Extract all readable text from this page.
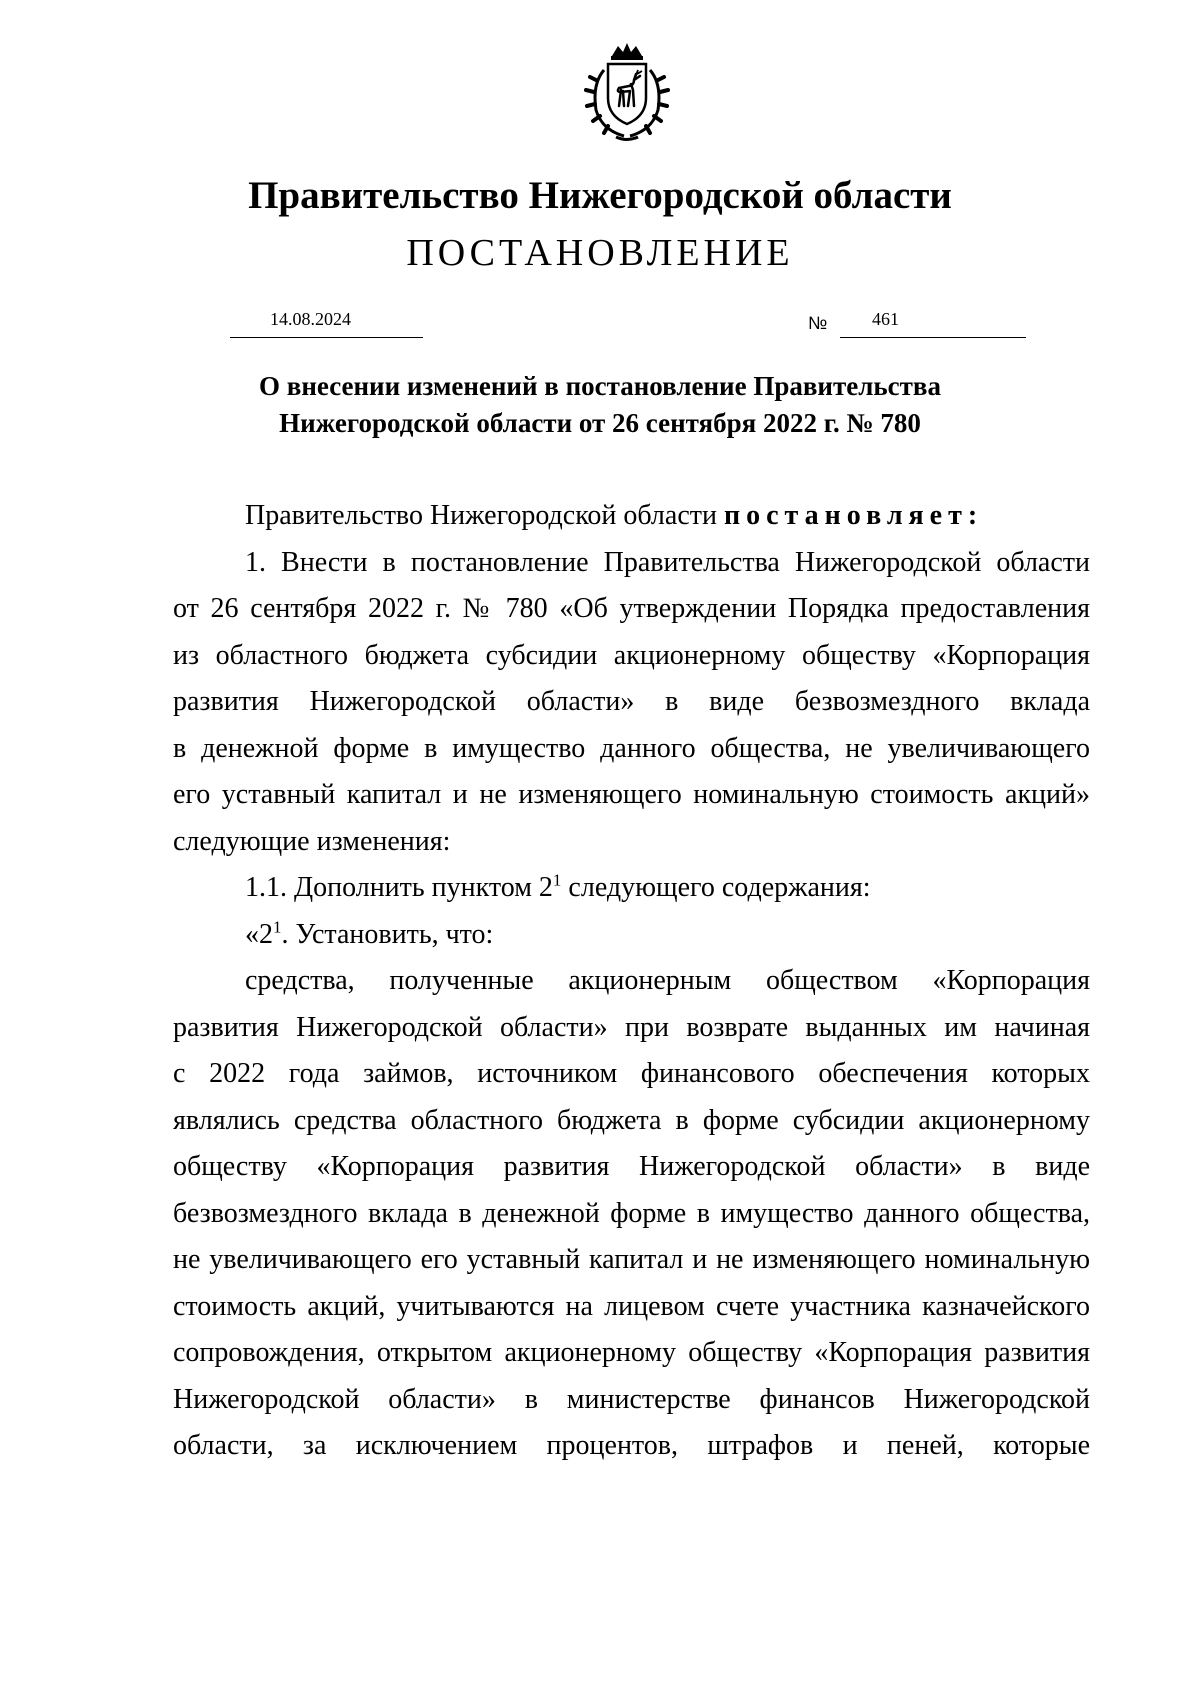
Правительство Нижегородской области
ПОСТАНОВЛЕНИЕ
14.08.2024	№ 461
О внесении изменений в постановление Правительства
Нижегородской области от 26 сентября 2022 г. № 780

Правительство Нижегородской области постановляет:

1. Внести в постановление Правительства Нижегородской области

от 26 сентября 2022 г. № 780 «Об утверждении Порядка предоставления

из областного бюджета субсидии акционерному обществу «Корпорация

развития Нижегородской области» в виде безвозмездного вклада

в денежной форме в имущество данного общества, не увеличивающего

его уставный капитал и не изменяющего номинальную стоимость акций»

следующие изменения:

1.1. Дополнить пунктом $2^1$ следующего содержания:

«$2^1$. Установить, что:

средства, полученные акционерным обществом «Корпорация

развития Нижегородской области» при возврате выданных им начиная

с 2022 года займов, источником финансового обеспечения которых

являлись средства областного бюджета в форме субсидии акционерному

обществу «Корпорация развития Нижегородской области» в виде

безвозмездного вклада в денежной форме в имущество данного общества,

не увеличивающего его уставный капитал и не изменяющего номинальную

стоимость акций, учитываются на лицевом счете участника казначейского

сопровождения, открытом акционерному обществу «Корпорация развития

Нижегородской области» в министерстве финансов Нижегородской

области, за исключением процентов, штрафов и пеней, которые
